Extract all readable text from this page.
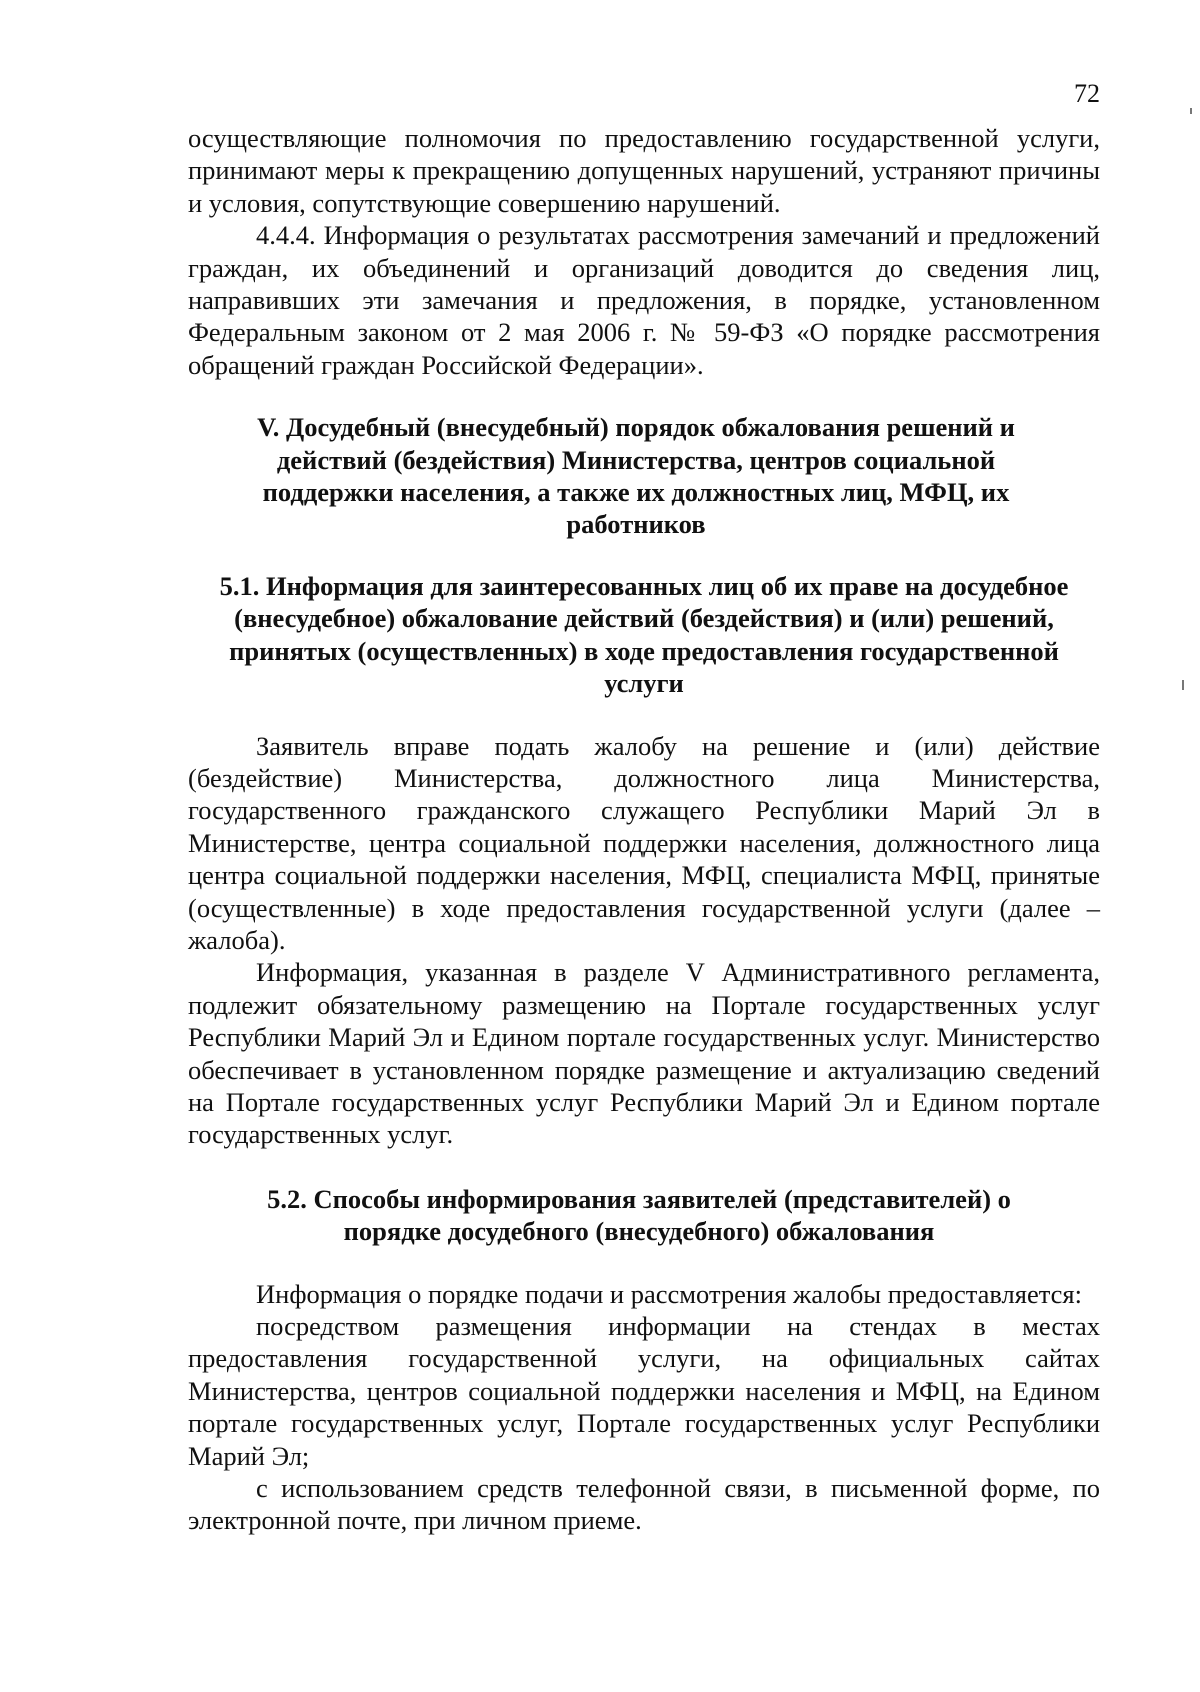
72

осуществляющие полномочия по предоставлению государственной услуги, принимают меры к прекращению допущенных нарушений, устраняют причины и условия, сопутствующие совершению нарушений.

4.4.4. Информация о результатах рассмотрения замечаний и предложений граждан, их объединений и организаций доводится до сведения лиц, направивших эти замечания и предложения, в порядке, установленном Федеральным законом от 2 мая 2006 г. № 59-ФЗ «О порядке рассмотрения обращений граждан Российской Федерации».

V. Досудебный (внесудебный) порядок обжалования решений и действий (бездействия) Министерства, центров социальной поддержки населения, а также их должностных лиц, МФЦ, их работников
5.1. Информация для заинтересованных лиц об их праве на досудебное (внесудебное) обжалование действий (бездействия) и (или) решений, принятых (осуществленных) в ходе предоставления государственной услуги

Заявитель вправе подать жалобу на решение и (или) действие (бездействие) Министерства, должностного лица Министерства, государственного гражданского служащего Республики Марий Эл в Министерстве, центра социальной поддержки населения, должностного лица центра социальной поддержки населения, МФЦ, специалиста МФЦ, принятые (осуществленные) в ходе предоставления государственной услуги (далее – жалоба).

Информация, указанная в разделе V Административного регламента, подлежит обязательному размещению на Портале государственных услуг Республики Марий Эл и Едином портале государственных услуг. Министерство обеспечивает в установленном порядке размещение и актуализацию сведений на Портале государственных услуг Республики Марий Эл и Едином портале государственных услуг.

5.2. Способы информирования заявителей (представителей) о порядке досудебного (внесудебного) обжалования

Информация о порядке подачи и рассмотрения жалобы предоставляется:

посредством размещения информации на стендах в местах предоставления государственной услуги, на официальных сайтах Министерства, центров социальной поддержки населения и МФЦ, на Едином портале государственных услуг, Портале государственных услуг Республики Марий Эл;

с использованием средств телефонной связи, в письменной форме, по электронной почте, при личном приеме.
